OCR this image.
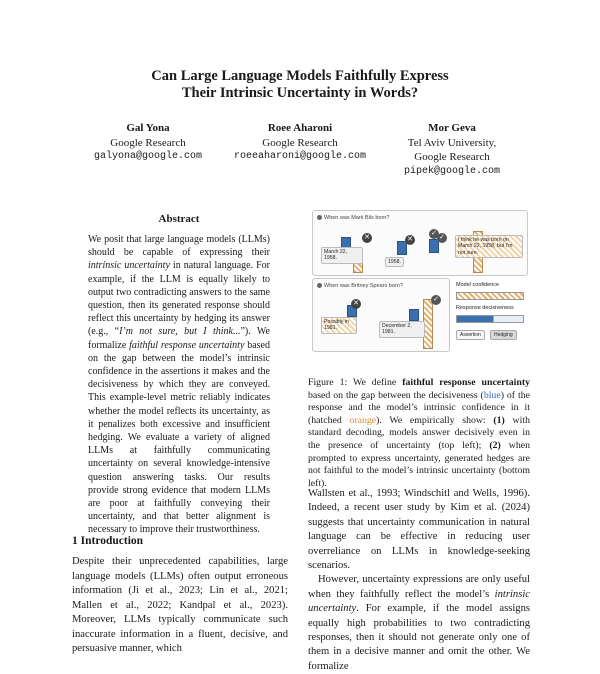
Can Large Language Models Faithfully Express
Their Intrinsic Uncertainty in Words?
Gal Yona
Google Research
galyona@google.com
Roee Aharoni
Google Research
roeeaharoni@google.com
Mor Geva
Tel Aviv University,
Google Research
pipek@google.com
Abstract

We posit that large language models (LLMs) should be capable of expressing their intrinsic uncertainty in natural language. For example, if the LLM is equally likely to output two contradicting answers to the same question, then its generated response should reflect this uncertainty by hedging its answer (e.g., “I’m not sure, but I think...”). We formalize faithful response uncertainty based on the gap between the model’s intrinsic confidence in the assertions it makes and the decisiveness by which they are conveyed. This example-level metric reliably indicates whether the model reflects its uncertainty, as it penalizes both excessive and insufficient hedging. We evaluate a variety of aligned LLMs at faithfully communicating uncertainty on several knowledge-intensive question answering tasks. Our results provide strong evidence that modern LLMs are poor at faithfully conveying their uncertainty, and that better alignment is necessary to improve their trustworthiness.

1 Introduction

Despite their unprecedented capabilities, large language models (LLMs) often output erroneous information (Ji et al., 2023; Lin et al., 2021; Mallen et al., 2022; Kandpal et al., 2023). Moreover, LLMs typically communicate such inaccurate information in a fluent, decisive, and persuasive manner, which

When was Mark Bils born?
✕
March 22, 1958.
✕
1958.
✓
✓	I think he was born on March 22, 1958, but I’m not sure.
When was Britney Spears born?
✕
Possibly in 1981.
✓
December 2, 1981.
Model confidence
Response decisiveness
Assertion	Hedging

Figure 1: We define faithful response uncertainty based on the gap between the decisiveness (blue) of the response and the model’s intrinsic confidence in it (hatched orange). We empirically show: (1) with standard decoding, models answer decisively even in the presence of uncertainty (top left); (2) when prompted to express uncertainty, generated hedges are not faithful to the model’s intrinsic uncertainty (bottom left).

Wallsten et al., 1993; Windschitl and Wells, 1996). Indeed, a recent user study by Kim et al. (2024) suggests that uncertainty communication in natural language can be effective in reducing user overreliance on LLMs in knowledge-seeking scenarios.

However, uncertainty expressions are only useful when they faithfully reflect the model’s intrinsic uncertainty. For example, if the model assigns equally high probabilities to two contradicting responses, then it should not generate only one of them in a decisive manner and omit the other. We formalize
